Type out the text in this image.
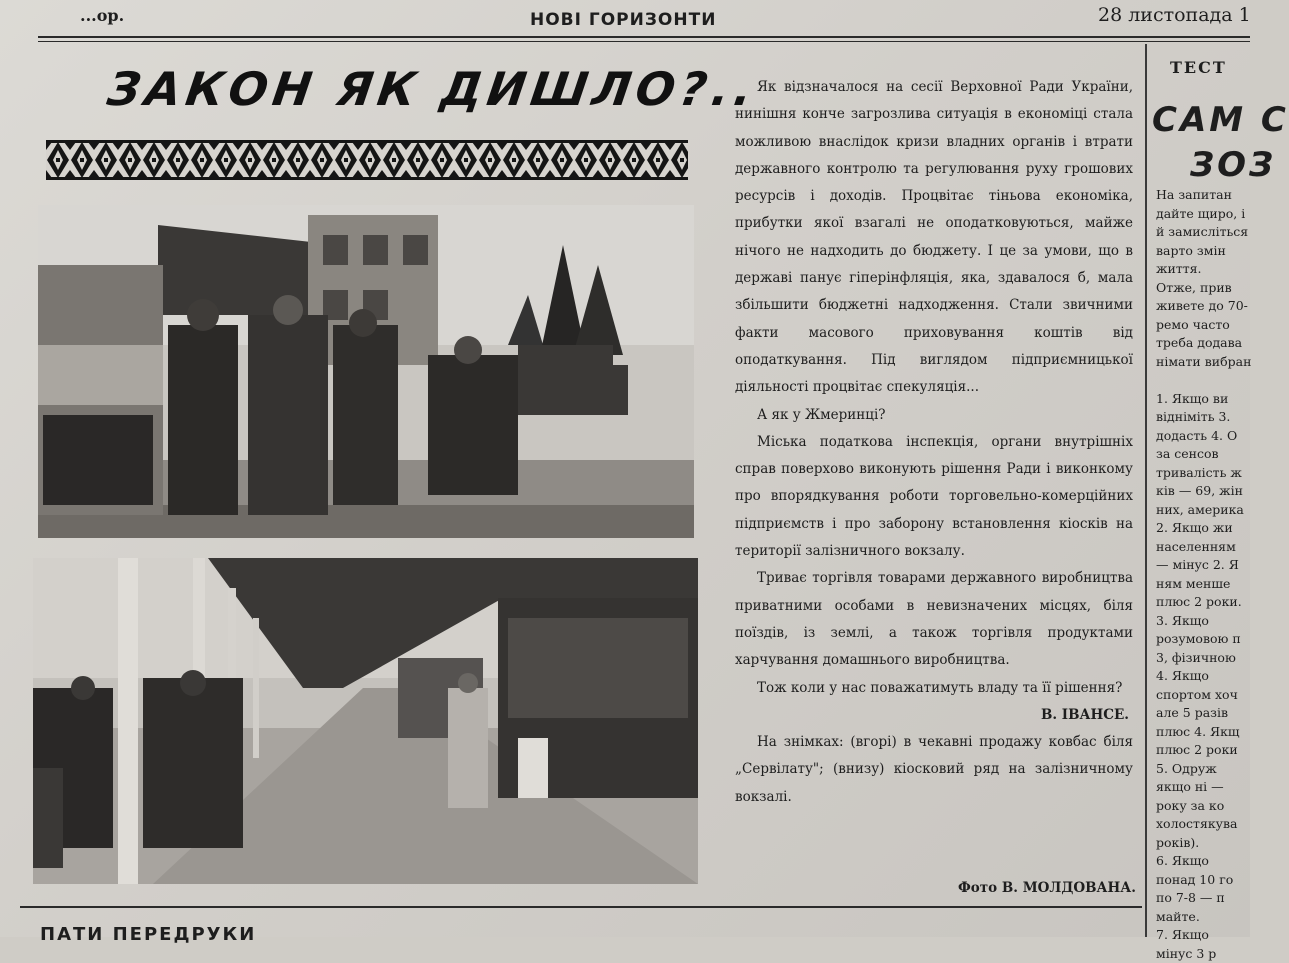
...ор.	НОВІ ГОРИЗОНТИ	28 листопада 1
ЗАКОН ЯК ДИШЛО?..

Як відзначалося на сесії Верховної Ради України, нинішня конче загрозлива ситуація в економіці стала можливою внаслідок кризи владних органів і втрати державного контролю та регулювання руху грошових ресурсів і доходів. Процвітає тіньова економіка, прибутки якої взагалі не оподатковуються, майже нічого не надходить до бюджету. І це за умови, що в державі панує гіперінфляція, яка, здавалося б, мала збільшити бюджетні надходження. Стали звичними факти масового приховування коштів від оподаткування. Під виглядом підприємницької діяльності процвітає спекуляція...

А як у Жмеринці?

Міська податкова інспекція, органи внутрішніх справ поверхово виконують рішення Ради і виконкому про впорядкування роботи торговельно-комерційних підприємств і про заборону встановлення кіосків на території залізничного вокзалу.

Триває торгівля товарами державного виробництва приватними особами в невизначених місцях, біля поїздів, із землі, а також торгівля продуктами харчування домашнього виробництва.

Тож коли у нас поважатимуть владу та її рішення?

В. ІВАНСЕ.

На знімках: (вгорі) в чекавні продажу ковбас біля „Сервілату"; (внизу) кіосковий ряд на залізничному вокзалі.

Фото В. МОЛДОВАНА.
ТЕСТ
САМ С
ЗОЗ
На запитан
дайте щиро, і
й замисліться
варто змін
життя.
Отже, прив
живете до 70-
ремо часто
треба додава
німати вибран

1. Якщо ви
відніміть 3.
додасть 4. О
за сенсов
тривалість ж
ків — 69, жін
них, америка
2. Якщо жи
населенням
— мінус 2. Я
ням менше
плюс 2 роки.
3. Якщо
розумовою п
3, фізичною
4. Якщо
спортом хоч
але 5 разів
плюс 4. Якщ
плюс 2 роки
5. Одруж
якщо ні —
року за ко
холостякува
років).
6. Якщо
понад 10 го
по 7-8 — п
майте.
7. Якщо
мінус 3 р
ПАТИ ПЕРЕДРУКИ
